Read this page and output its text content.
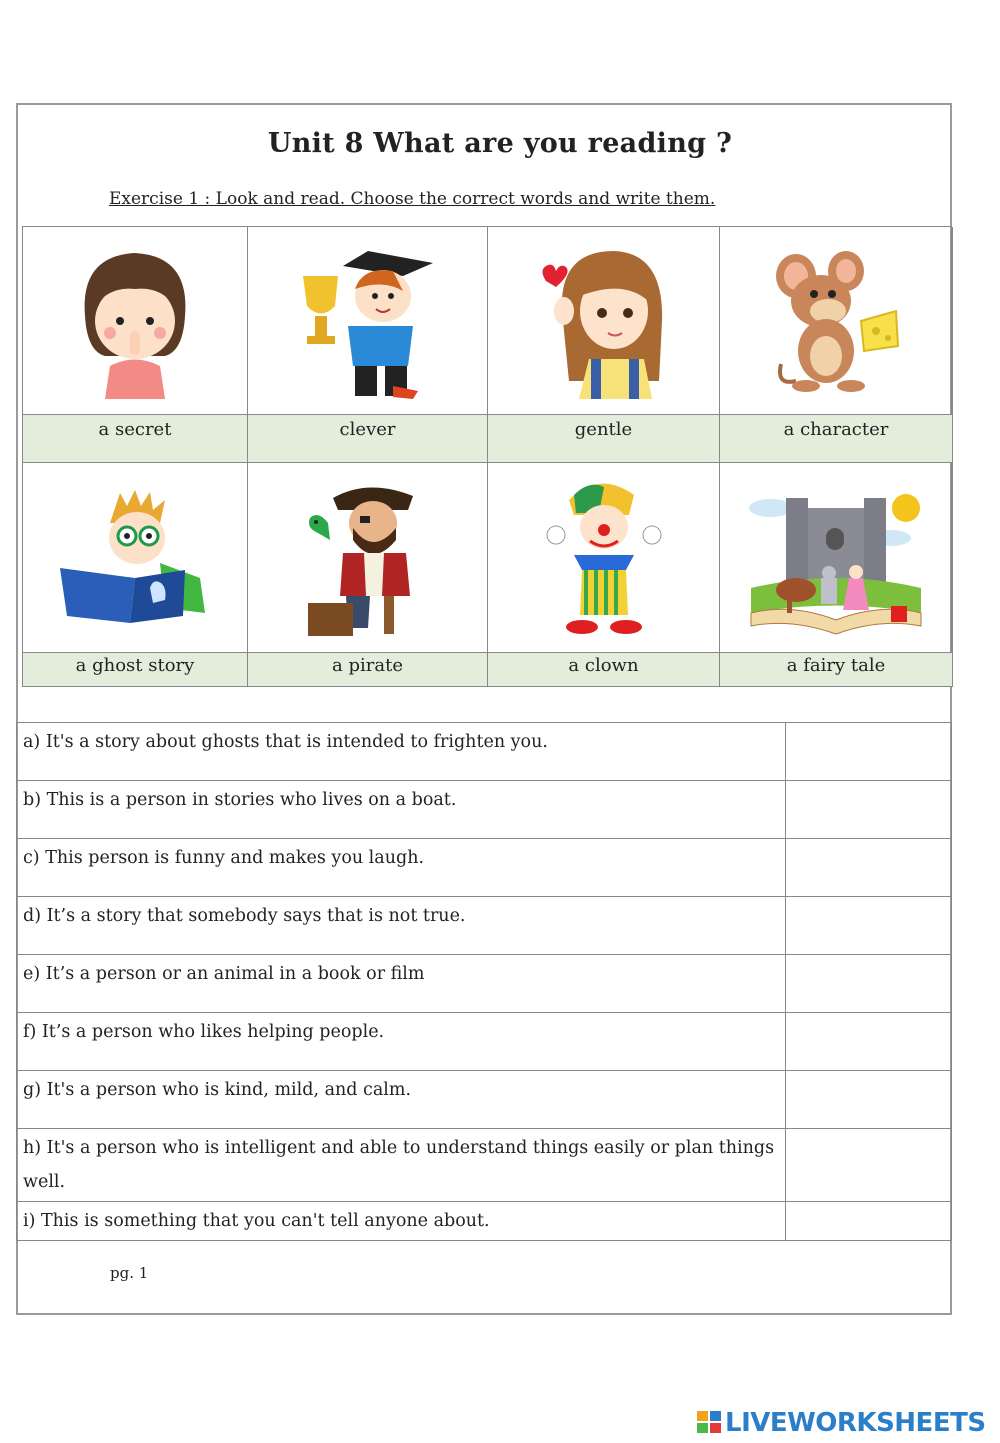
Unit 8 What are you reading ?
Exercise 1 : Look and read. Choose the correct words and write them.
a secret	clever	gentle	a character
a ghost story	a pirate	a clown	a fairy tale
a) It's a story about ghosts that is intended to frighten you.	
b) This is a person in stories who lives on a boat.	
c) This person is funny and makes you laugh.	
d) It’s a story that somebody says that is not true.	
e) It’s a person or an animal in a book or film	
f) It’s a person who likes helping people.	
g) It's a person who is kind, mild, and calm.	
h) It's a person who is intelligent and able to understand things easily or plan things well.	
i) This is something that you can't tell anyone about.	
pg. 1
LIVEWORKSHEETS
